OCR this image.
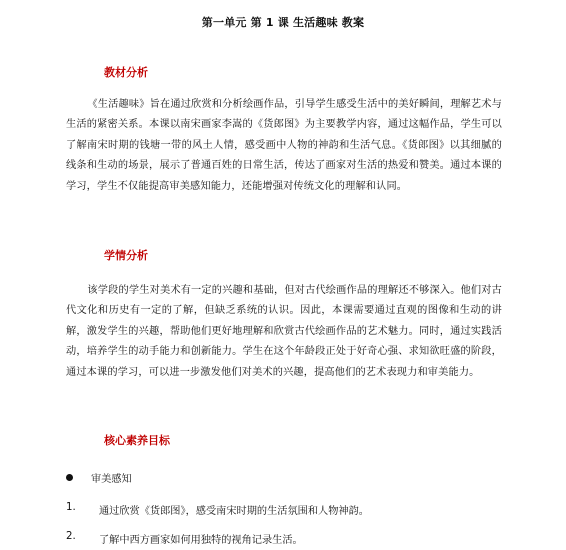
第一单元 第 1 课 生活趣味 教案
教材分析
《生活趣味》旨在通过欣赏和分析绘画作品，引导学生感受生活中的美好瞬间，理解艺术与生活的紧密关系。本课以南宋画家李嵩的《货郎图》为主要教学内容，通过这幅作品，学生可以了解南宋时期的钱塘一带的风土人情，感受画中人物的神韵和生活气息。《货郎图》以其细腻的线条和生动的场景，展示了普通百姓的日常生活，传达了画家对生活的热爱和赞美。通过本课的学习，学生不仅能提高审美感知能力，还能增强对传统文化的理解和认同。
学情分析
该学段的学生对美术有一定的兴趣和基础，但对古代绘画作品的理解还不够深入。他们对古代文化和历史有一定的了解，但缺乏系统的认识。因此，本课需要通过直观的图像和生动的讲解，激发学生的兴趣，帮助他们更好地理解和欣赏古代绘画作品的艺术魅力。同时，通过实践活动，培养学生的动手能力和创新能力。学生在这个年龄段正处于好奇心强、求知欲旺盛的阶段，通过本课的学习，可以进一步激发他们对美术的兴趣，提高他们的艺术表现力和审美能力。
核心素养目标
审美感知
1.	通过欣赏《货郎图》，感受南宋时期的生活氛围和人物神韵。
2.	了解中西方画家如何用独特的视角记录生活。
